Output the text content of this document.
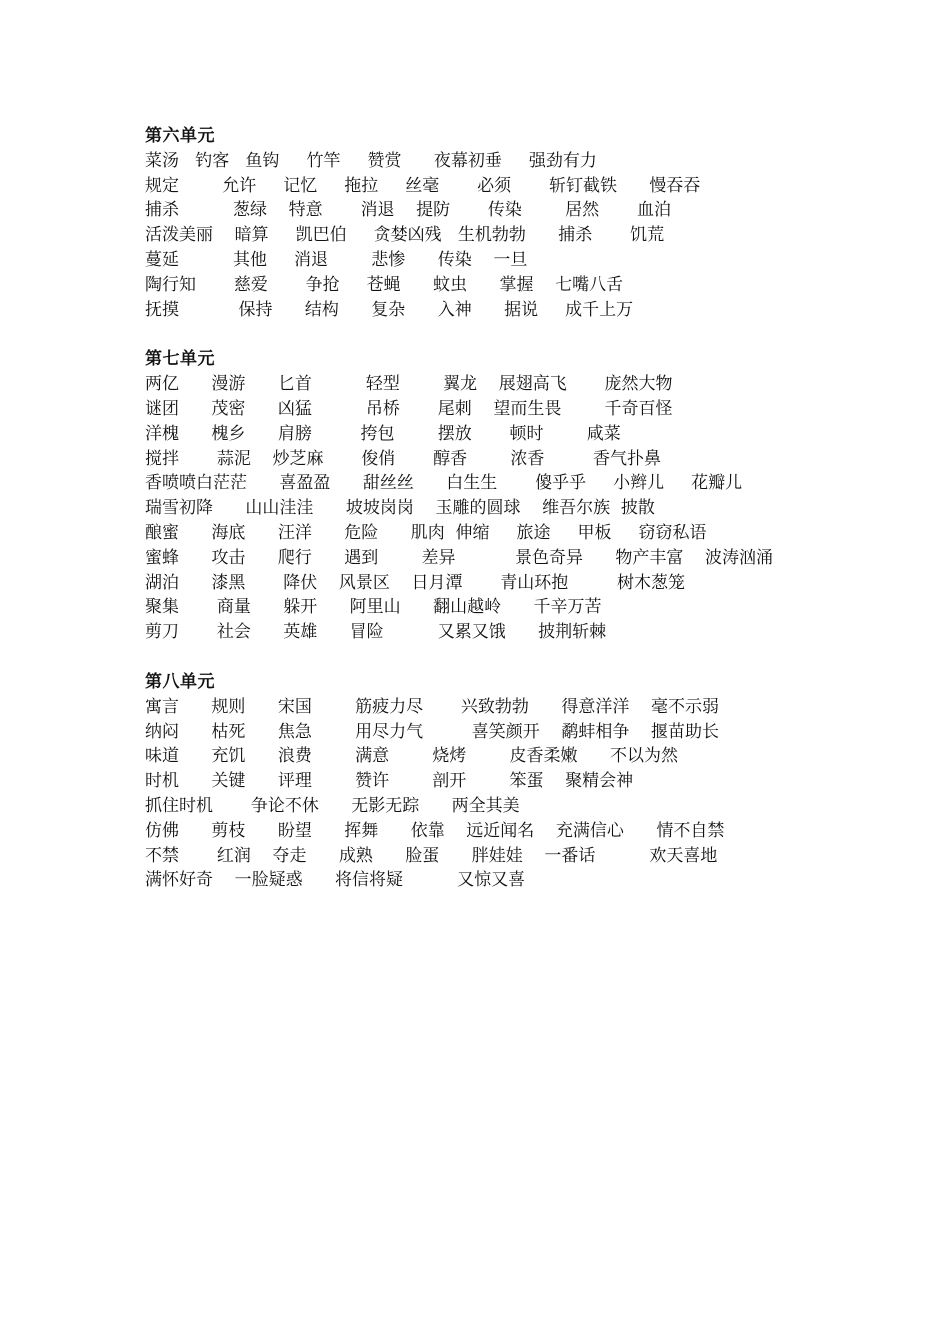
第六单元
菜汤   钓客   鱼钩     竹竿     赞赏      夜幕初垂     强劲有力
规定        允许     记忆     拖拉     丝毫       必须       斩钉截铁      慢吞吞
捕杀          葱绿    特意       消退    提防       传染        居然       血泊
活泼美丽    暗算     凯巴伯     贪婪凶残   生机勃勃      捕杀       饥荒
蔓延          其他     消退        悲惨      传染    一旦
陶行知       慈爱       争抢     苍蝇      蚊虫      掌握    七嘴八舌
抚摸           保持      结构      复杂      入神      据说     成千上万
第七单元
两亿      漫游      匕首          轻型        翼龙    展翅高飞       庞然大物
谜团      茂密      凶猛          吊桥       尾刺    望而生畏        千奇百怪
洋槐      槐乡      肩膀         挎包        摆放       顿时        咸菜
搅拌       蒜泥    炒芝麻       俊俏       醇香        浓香         香气扑鼻
香喷喷白茫茫      喜盈盈      甜丝丝      白生生       傻乎乎     小辫儿     花瓣儿
瑞雪初降      山山洼洼      坡坡岗岗    玉雕的圆球    维吾尔族  披散
酿蜜      海底      汪洋      危险      肌肉  伸缩     旅途     甲板     窃窃私语
蜜蜂      攻击      爬行      遇到        差异           景色奇异      物产丰富    波涛汹涌
湖泊      漆黑       降伏    风景区    日月潭       青山环抱         树木葱笼
聚集       商量      躲开      阿里山      翻山越岭      千辛万苦
剪刀       社会      英雄      冒险          又累又饿      披荆斩棘
第八单元
寓言      规则      宋国        筋疲力尽       兴致勃勃      得意洋洋    毫不示弱
纳闷      枯死      焦急        用尽力气         喜笑颜开    鹬蚌相争    揠苗助长
味道      充饥      浪费        满意        烧烤        皮香柔嫩      不以为然
时机      关键      评理        赞许        剖开        笨蛋    聚精会神
抓住时机       争论不休      无影无踪      两全其美
仿佛      剪枝      盼望      挥舞      依靠    远近闻名    充满信心      情不自禁
不禁       红润    夺走      成熟      脸蛋      胖娃娃    一番话          欢天喜地
满怀好奇    一脸疑惑      将信将疑          又惊又喜
